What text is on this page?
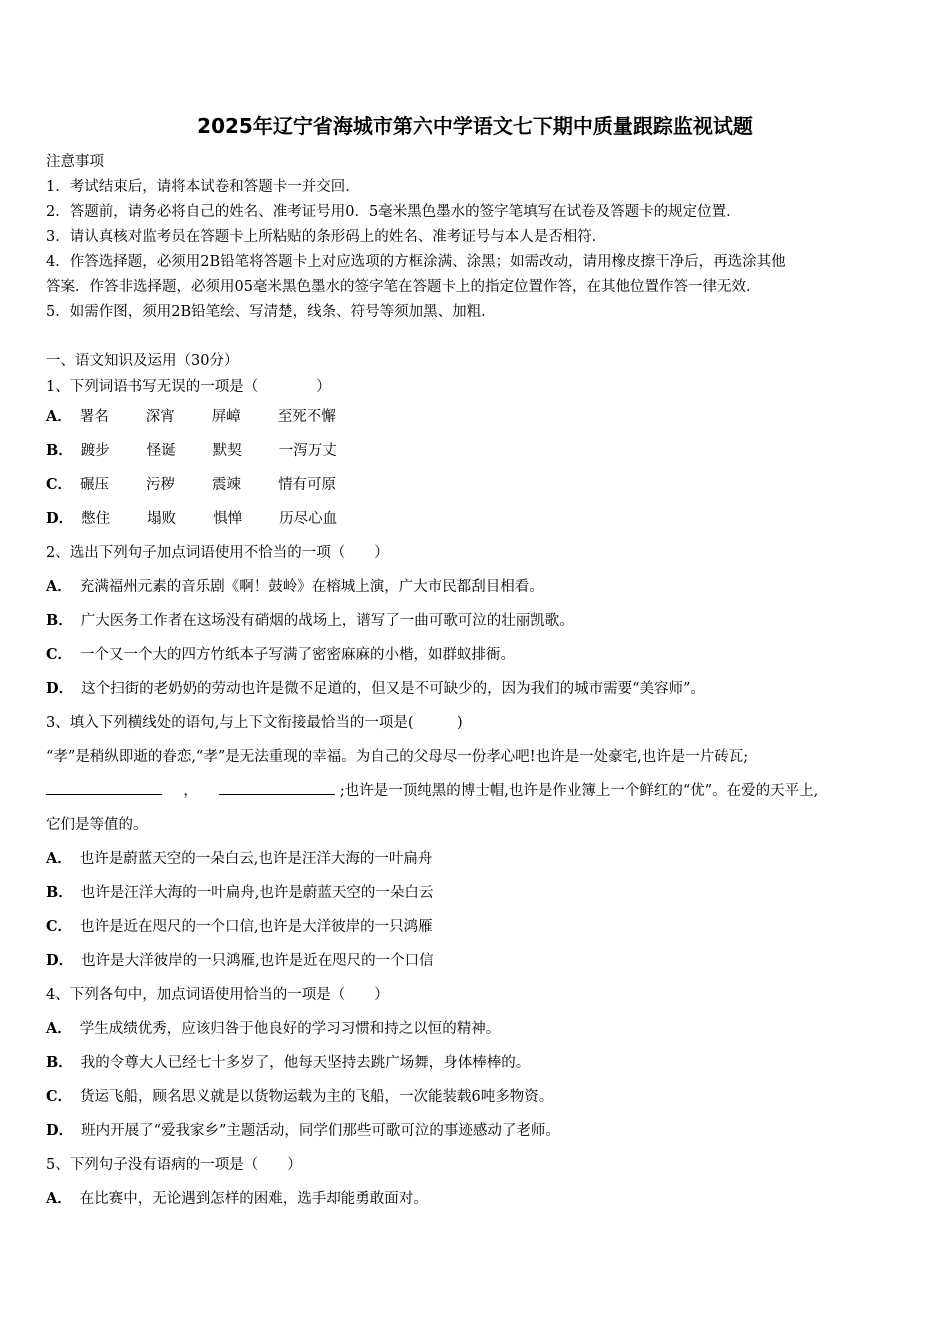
2025年辽宁省海城市第六中学语文七下期中质量跟踪监视试题

注意事项

1．考试结束后，请将本试卷和答题卡一并交回．

2．答题前，请务必将自己的姓名、准考证号用0．5毫米黑色墨水的签字笔填写在试卷及答题卡的规定位置．

3．请认真核对监考员在答题卡上所粘贴的条形码上的姓名、准考证号与本人是否相符．

4．作答选择题，必须用2B铅笔将答题卡上对应选项的方框涂满、涂黑；如需改动，请用橡皮擦干净后，再选涂其他

答案．作答非选择题，必须用05毫米黑色墨水的签字笔在答题卡上的指定位置作答，在其他位置作答一律无效．

5．如需作图，须用2B铅笔绘、写清楚，线条、符号等须加黑、加粗．

一、语文知识及运用（30分）
1、下列词语书写无误的一项是（　　　　）
A． 署名	深宵	屏嶂	至死不懈
B． 踱步	怪诞	默契	一泻万丈
C． 碾压	污秽	震竦	情有可原
D． 憋住	塌败	惧惮	历尽心血
2、选出下列句子加点词语使用不恰当的一项（　　）
A． 充满福州元素的音乐剧《啊！鼓岭》在榕城上演，广大市民都刮目相看。
B． 广大医务工作者在这场没有硝烟的战场上，谱写了一曲可歌可泣的壮丽凯歌。
C． 一个又一个大的四方竹纸本子写满了密密麻麻的小楷，如群蚁排衙。
D． 这个扫街的老奶奶的劳动也许是微不足道的，但又是不可缺少的，因为我们的城市需要“美容师”。
3、填入下列横线处的语句,与上下文衔接最恰当的一项是(　　　)
“孝”是稍纵即逝的眷恋,“孝”是无法重现的幸福。为自己的父母尽一份孝心吧!也许是一处豪宅,也许是一片砖瓦;
，	;也许是一顶纯黑的博士帽,也许是作业簿上一个鲜红的“优”。在爱的天平上,
它们是等值的。
A． 也许是蔚蓝天空的一朵白云,也许是汪洋大海的一叶扁舟
B． 也许是汪洋大海的一叶扁舟,也许是蔚蓝天空的一朵白云
C． 也许是近在咫尺的一个口信,也许是大洋彼岸的一只鸿雁
D． 也许是大洋彼岸的一只鸿雁,也许是近在咫尺的一个口信
4、下列各句中，加点词语使用恰当的一项是（　　）
A． 学生成绩优秀，应该归咎于他良好的学习习惯和持之以恒的精神。
B． 我的令尊大人已经七十多岁了，他每天坚持去跳广场舞，身体棒棒的。
C． 货运飞船，顾名思义就是以货物运载为主的飞船，一次能装载6吨多物资。
D． 班内开展了“爱我家乡”主题活动，同学们那些可歌可泣的事迹感动了老师。
5、下列句子没有语病的一项是（　　）
A． 在比赛中，无论遇到怎样的困难，选手却能勇敢面对。
